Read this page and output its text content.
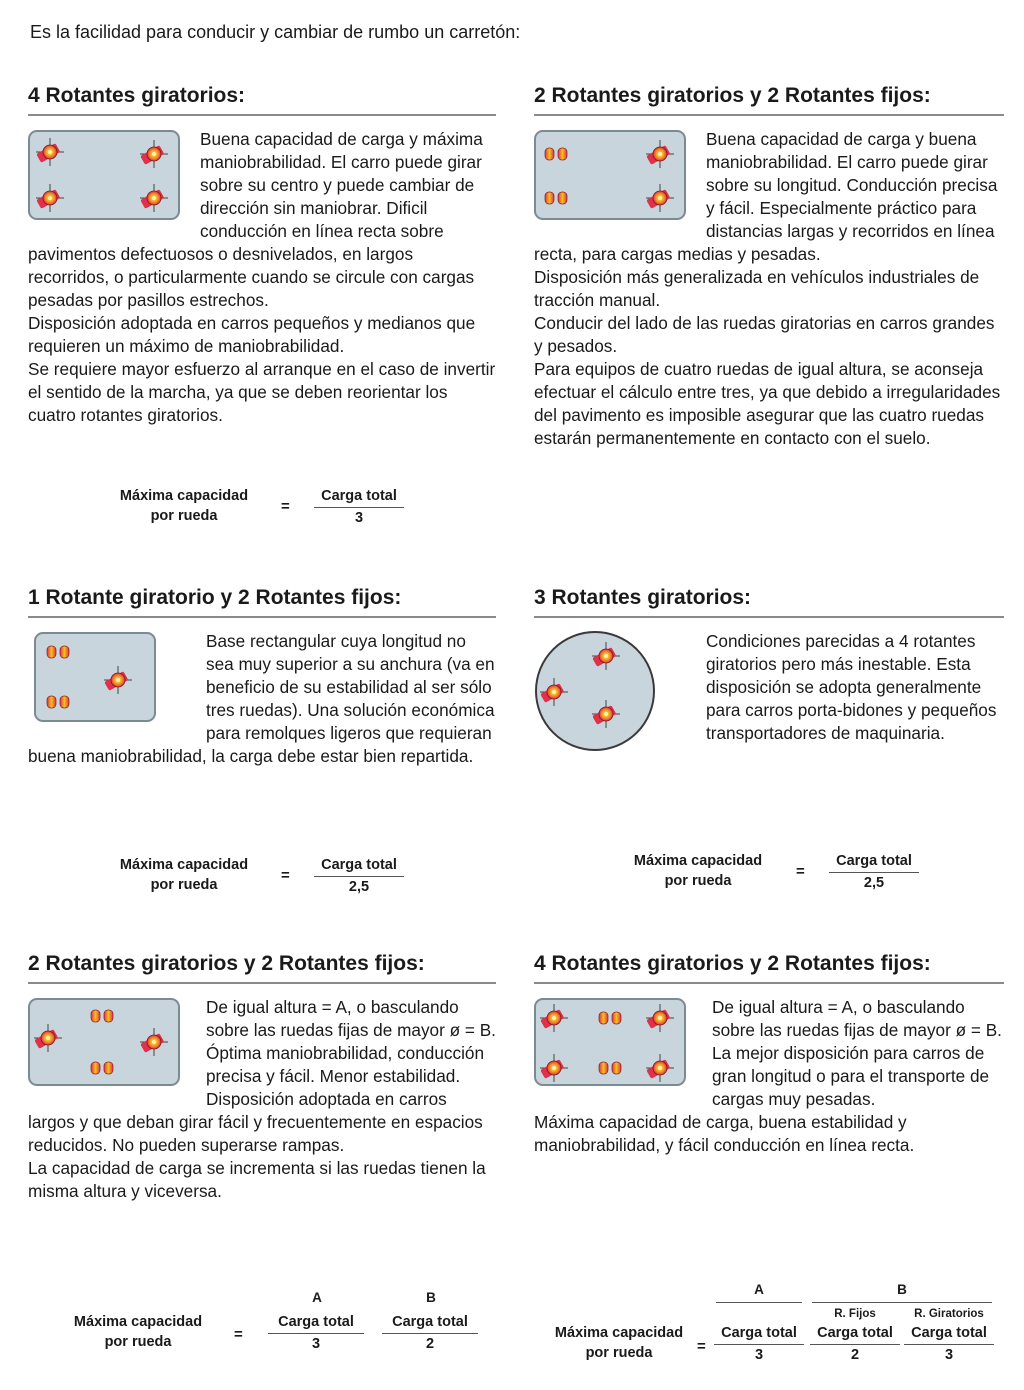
Es la facilidad para conducir y cambiar de rumbo un carretón:
4 Rotantes giratorios:

Buena capacidad de carga y máxima maniobrabilidad. El carro puede girar sobre su centro y puede cambiar de dirección sin maniobrar. Dificil conducción en línea recta sobre pavimentos defectuosos o desnivelados, en largos recorridos, o particularmente cuando se circule con cargas pesadas por pasillos estrechos.

Disposición adoptada en carros pequeños y medianos que requieren un máximo de maniobrabilidad.

Se requiere mayor esfuerzo al arranque en el caso de invertir el sentido de la marcha, ya que se deben reorientar los cuatro rotantes giratorios.

Máxima capacidad
por rueda
=
Carga total
3
2 Rotantes giratorios y 2 Rotantes fijos:

Buena capacidad de carga y buena maniobrabilidad. El carro puede girar sobre su longitud. Conducción precisa y fácil. Especialmente práctico para distancias largas y recorridos en línea recta, para cargas medias y pesadas.

Disposición más generalizada en vehículos industriales de tracción manual.

Conducir del lado de las ruedas giratorias en carros grandes y pesados.

Para equipos de cuatro ruedas de igual altura, se aconseja efectuar el cálculo entre tres, ya que debido a irregularidades del pavimento es imposible asegurar que las cuatro ruedas estarán permanentemente en contacto con el suelo.

1 Rotante giratorio y 2 Rotantes fijos:

Base rectangular cuya longitud no sea muy superior a su anchura (va en beneficio de su estabilidad al ser sólo tres ruedas). Una solución económica para remolques ligeros que requieran buena maniobrabilidad, la carga debe estar bien repartida.

Máxima capacidad
por rueda
=
Carga total
2,5
3 Rotantes giratorios:

Condiciones parecidas a 4 rotantes giratorios pero más inestable. Esta disposición se adopta generalmente para carros porta-bidones y pequeños transportadores de maquinaria.

Máxima capacidad
por rueda
=
Carga total
2,5
2 Rotantes giratorios y 2 Rotantes fijos:

De igual altura = A, o basculando sobre las ruedas fijas de mayor ø = B.

Óptima maniobrabilidad, conducción precisa y fácil. Menor estabilidad.

Disposición adoptada en carros largos y que deban girar fácil y frecuentemente en espacios reducidos. No pueden superarse rampas.

La capacidad de carga se incrementa si las ruedas tienen la misma altura y viceversa.

A	B
Máxima capacidad
por rueda	=
Carga total
3
Carga total
2
4 Rotantes giratorios y 2 Rotantes fijos:

De igual altura = A, o basculando sobre las ruedas fijas de mayor ø = B.

La mejor disposición para carros de gran longitud o para el transporte de cargas muy pesadas.

Máxima capacidad de carga, buena estabilidad y maniobrabilidad, y fácil conducción en línea recta.

A	B
R. Fijos	R. Giratorios
Máxima capacidad
por rueda	=
Carga total
3
Carga total
2
Carga total
3
